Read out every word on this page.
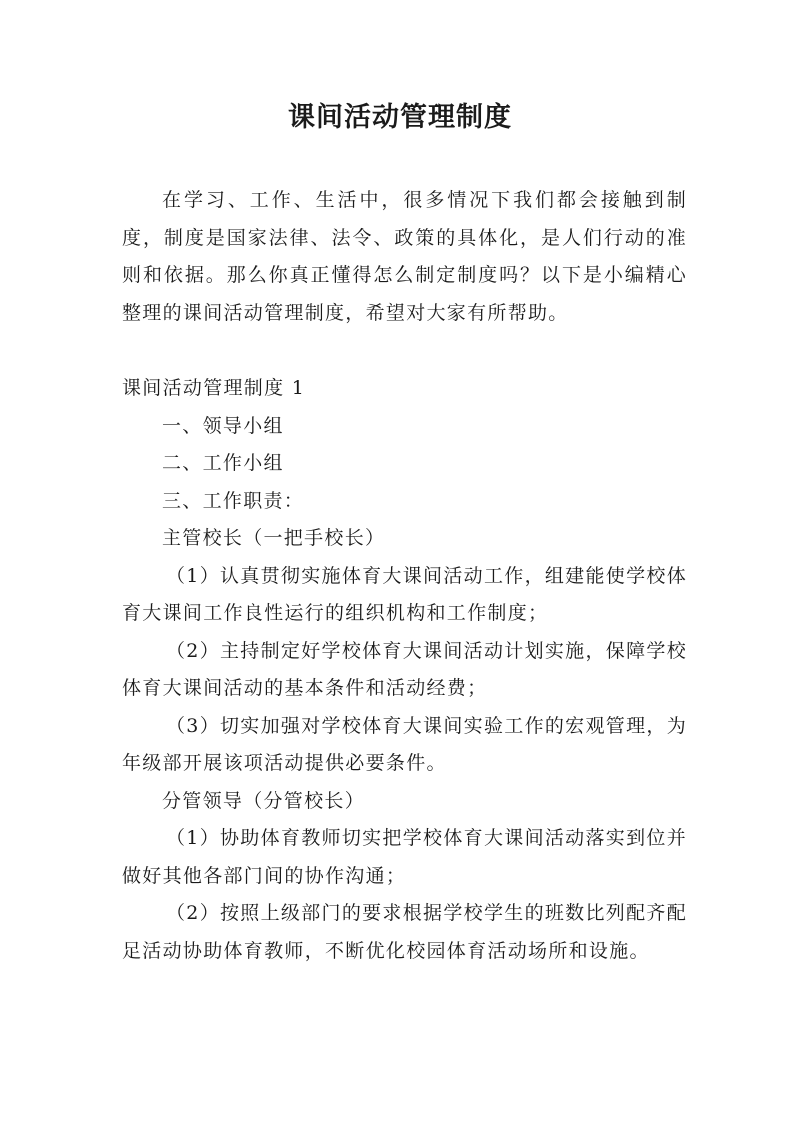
课间活动管理制度

在学习、工作、生活中，很多情况下我们都会接触到制度，制度是国家法律、法令、政策的具体化，是人们行动的准则和依据。那么你真正懂得怎么制定制度吗？以下是小编精心整理的课间活动管理制度，希望对大家有所帮助。

课间活动管理制度 1

一、领导小组

二、工作小组

三、工作职责：

主管校长（一把手校长）

（1）认真贯彻实施体育大课间活动工作，组建能使学校体育大课间工作良性运行的组织机构和工作制度；

（2）主持制定好学校体育大课间活动计划实施，保障学校体育大课间活动的基本条件和活动经费；

（3）切实加强对学校体育大课间实验工作的宏观管理，为年级部开展该项活动提供必要条件。

分管领导（分管校长）

（1）协助体育教师切实把学校体育大课间活动落实到位并做好其他各部门间的协作沟通；

（2）按照上级部门的要求根据学校学生的班数比列配齐配足活动协助体育教师，不断优化校园体育活动场所和设施。
